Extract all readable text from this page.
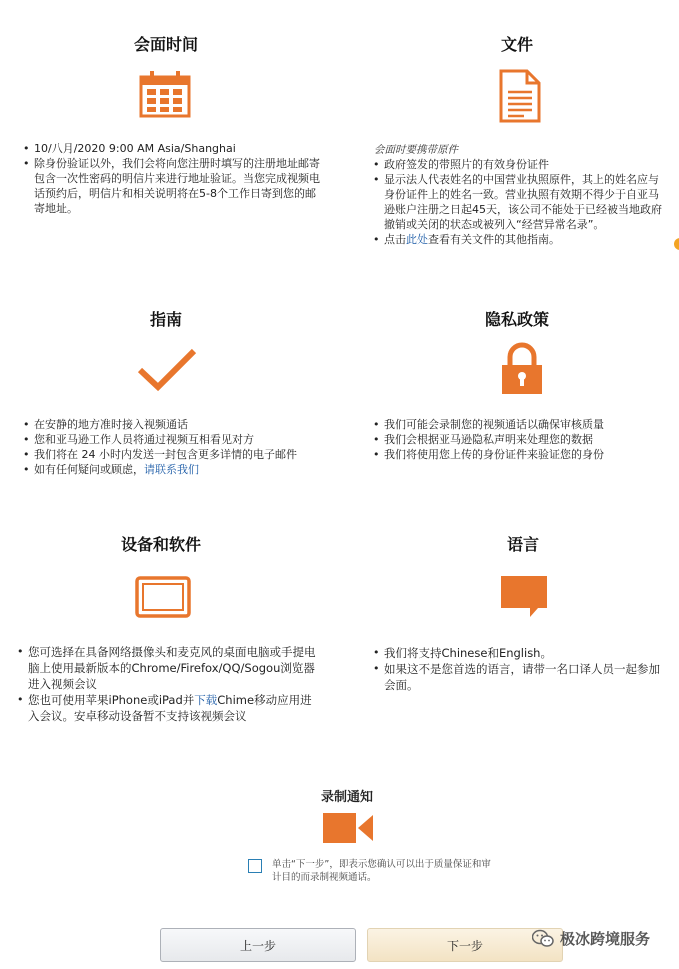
会面时间
• 10/八月/2020 9:00 AM Asia/Shanghai
• 除身份验证以外，我们会将向您注册时填写的注册地址邮寄包含一次性密码的明信片来进行地址验证。当您完成视频电话预约后，明信片和相关说明将在5-8个工作日寄到您的邮寄地址。
文件
会面时要携带原件
• 政府签发的带照片的有效身份证件
• 显示法人代表姓名的中国营业执照原件，其上的姓名应与身份证件上的姓名一致。营业执照有效期不得少于自亚马逊账户注册之日起45天，该公司不能处于已经被当地政府撤销或关闭的状态或被列入“经营异常名录”。
• 点击此处查看有关文件的其他指南。
指南
• 在安静的地方准时接入视频通话
• 您和亚马逊工作人员将通过视频互相看见对方
• 我们将在 24 小时内发送一封包含更多详情的电子邮件
• 如有任何疑问或顾虑，请联系我们
隐私政策
• 我们可能会录制您的视频通话以确保审核质量
• 我们会根据亚马逊隐私声明来处理您的数据
• 我们将使用您上传的身份证件来验证您的身份
设备和软件
• 您可选择在具备网络摄像头和麦克风的桌面电脑或手提电脑上使用最新版本的Chrome/Firefox/QQ/Sogou浏览器进入视频会议
• 您也可使用苹果iPhone或iPad并下载Chime移动应用进入会议。安卓移动设备暂不支持该视频会议
语言
• 我们将支持Chinese和English。
• 如果这不是您首选的语言，请带一名口译人员一起参加会面。
录制通知
单击“下一步”，即表示您确认可以出于质量保证和审计目的而录制视频通话。
上一步	下一步	极冰跨境服务
